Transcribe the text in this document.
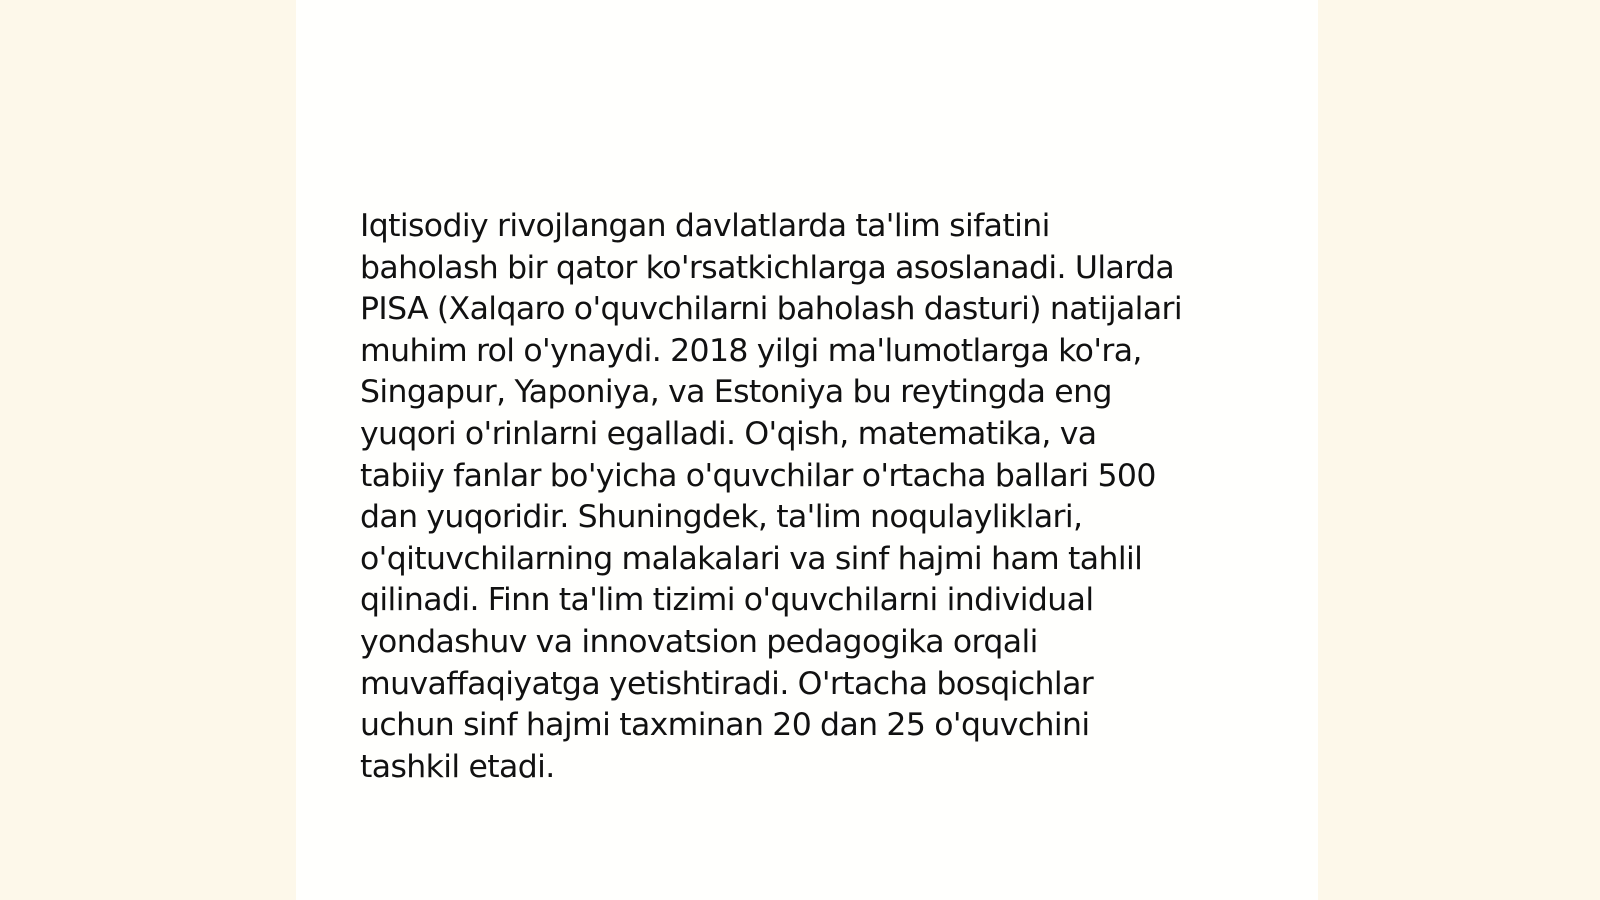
Iqtisodiy rivojlangan davlatlarda ta'lim sifatini
baholash bir qator ko'rsatkichlarga asoslanadi. Ularda
PISA (Xalqaro o'quvchilarni baholash dasturi) natijalari
muhim rol o'ynaydi. 2018 yilgi ma'lumotlarga ko'ra,
Singapur, Yaponiya, va Estoniya bu reytingda eng
yuqori o'rinlarni egalladi. O'qish, matematika, va
tabiiy fanlar bo'yicha o'quvchilar o'rtacha ballari 500
dan yuqoridir. Shuningdek, ta'lim noqulayliklari,
o'qituvchilarning malakalari va sinf hajmi ham tahlil
qilinadi. Finn ta'lim tizimi o'quvchilarni individual
yondashuv va innovatsion pedagogika orqali
muvaffaqiyatga yetishtiradi. O'rtacha bosqichlar
uchun sinf hajmi taxminan 20 dan 25 o'quvchini
tashkil etadi.
